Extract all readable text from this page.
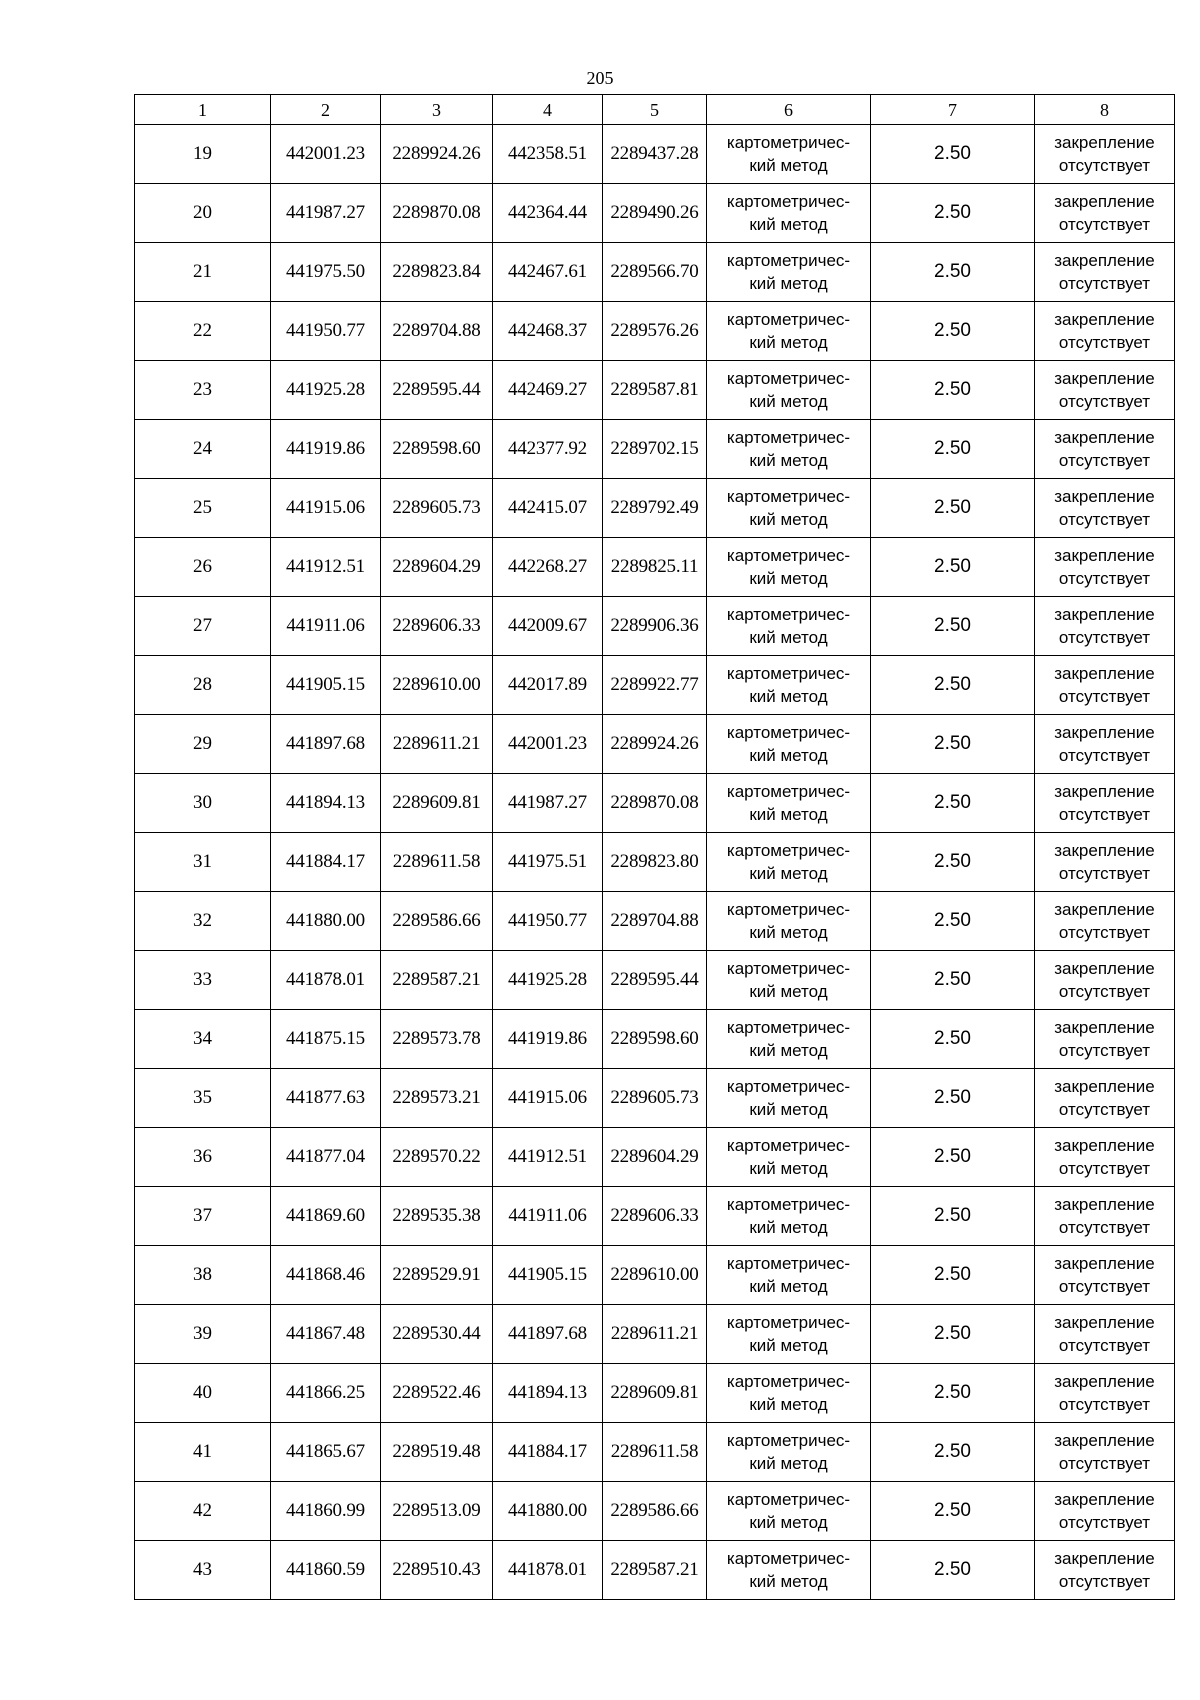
205
1	2	3	4	5	6	7	8
19	442001.23	2289924.26	442358.51	2289437.28	картометричес-
кий метод	2.50	закрепление
отсутствует

20	441987.27	2289870.08	442364.44	2289490.26	картометричес-
кий метод	2.50	закрепление
отсутствует

21	441975.50	2289823.84	442467.61	2289566.70	картометричес-
кий метод	2.50	закрепление
отсутствует

22	441950.77	2289704.88	442468.37	2289576.26	картометричес-
кий метод	2.50	закрепление
отсутствует

23	441925.28	2289595.44	442469.27	2289587.81	картометричес-
кий метод	2.50	закрепление
отсутствует

24	441919.86	2289598.60	442377.92	2289702.15	картометричес-
кий метод	2.50	закрепление
отсутствует

25	441915.06	2289605.73	442415.07	2289792.49	картометричес-
кий метод	2.50	закрепление
отсутствует

26	441912.51	2289604.29	442268.27	2289825.11	картометричес-
кий метод	2.50	закрепление
отсутствует

27	441911.06	2289606.33	442009.67	2289906.36	картометричес-
кий метод	2.50	закрепление
отсутствует

28	441905.15	2289610.00	442017.89	2289922.77	картометричес-
кий метод	2.50	закрепление
отсутствует

29	441897.68	2289611.21	442001.23	2289924.26	картометричес-
кий метод	2.50	закрепление
отсутствует

30	441894.13	2289609.81	441987.27	2289870.08	картометричес-
кий метод	2.50	закрепление
отсутствует

31	441884.17	2289611.58	441975.51	2289823.80	картометричес-
кий метод	2.50	закрепление
отсутствует

32	441880.00	2289586.66	441950.77	2289704.88	картометричес-
кий метод	2.50	закрепление
отсутствует

33	441878.01	2289587.21	441925.28	2289595.44	картометричес-
кий метод	2.50	закрепление
отсутствует

34	441875.15	2289573.78	441919.86	2289598.60	картометричес-
кий метод	2.50	закрепление
отсутствует

35	441877.63	2289573.21	441915.06	2289605.73	картометричес-
кий метод	2.50	закрепление
отсутствует

36	441877.04	2289570.22	441912.51	2289604.29	картометричес-
кий метод	2.50	закрепление
отсутствует

37	441869.60	2289535.38	441911.06	2289606.33	картометричес-
кий метод	2.50	закрепление
отсутствует

38	441868.46	2289529.91	441905.15	2289610.00	картометричес-
кий метод	2.50	закрепление
отсутствует

39	441867.48	2289530.44	441897.68	2289611.21	картометричес-
кий метод	2.50	закрепление
отсутствует

40	441866.25	2289522.46	441894.13	2289609.81	картометричес-
кий метод	2.50	закрепление
отсутствует

41	441865.67	2289519.48	441884.17	2289611.58	картометричес-
кий метод	2.50	закрепление
отсутствует

42	441860.99	2289513.09	441880.00	2289586.66	картометричес-
кий метод	2.50	закрепление
отсутствует

43	441860.59	2289510.43	441878.01	2289587.21	картометричес-
кий метод	2.50	закрепление
отсутствует
